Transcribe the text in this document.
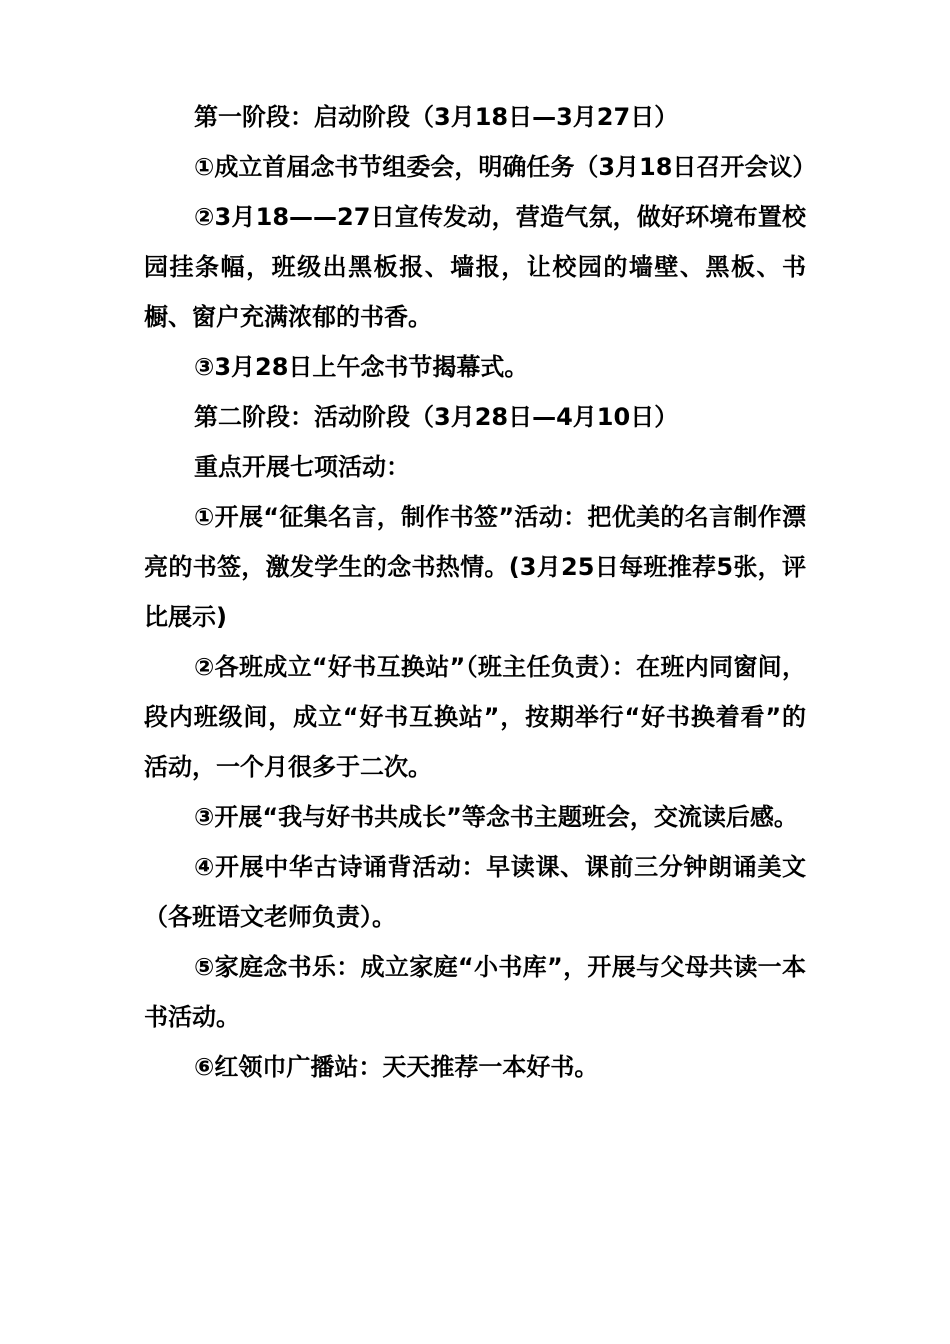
第一阶段：启动阶段（3月18日—3月27日）

①成立首届念书节组委会，明确任务（3月18日召开会议）

②3月18——27日宣传发动，营造气氛，做好环境布置校园挂条幅，班级出黑板报、墙报，让校园的墙壁、黑板、书橱、窗户充满浓郁的书香。

③3月28日上午念书节揭幕式。

第二阶段：活动阶段（3月28日—4月10日）

重点开展七项活动：

①开展“征集名言，制作书签”活动：把优美的名言制作漂亮的书签，激发学生的念书热情。(3月25日每班推荐5张，评比展示)

②各班成立“好书互换站”（班主任负责）：在班内同窗间，段内班级间，成立“好书互换站”，按期举行“好书换着看”的活动，一个月很多于二次。

③开展“我与好书共成长”等念书主题班会，交流读后感。

④开展中华古诗诵背活动：早读课、课前三分钟朗诵美文（各班语文老师负责）。

⑤家庭念书乐：成立家庭“小书库”，开展与父母共读一本书活动。

⑥红领巾广播站：天天推荐一本好书。
